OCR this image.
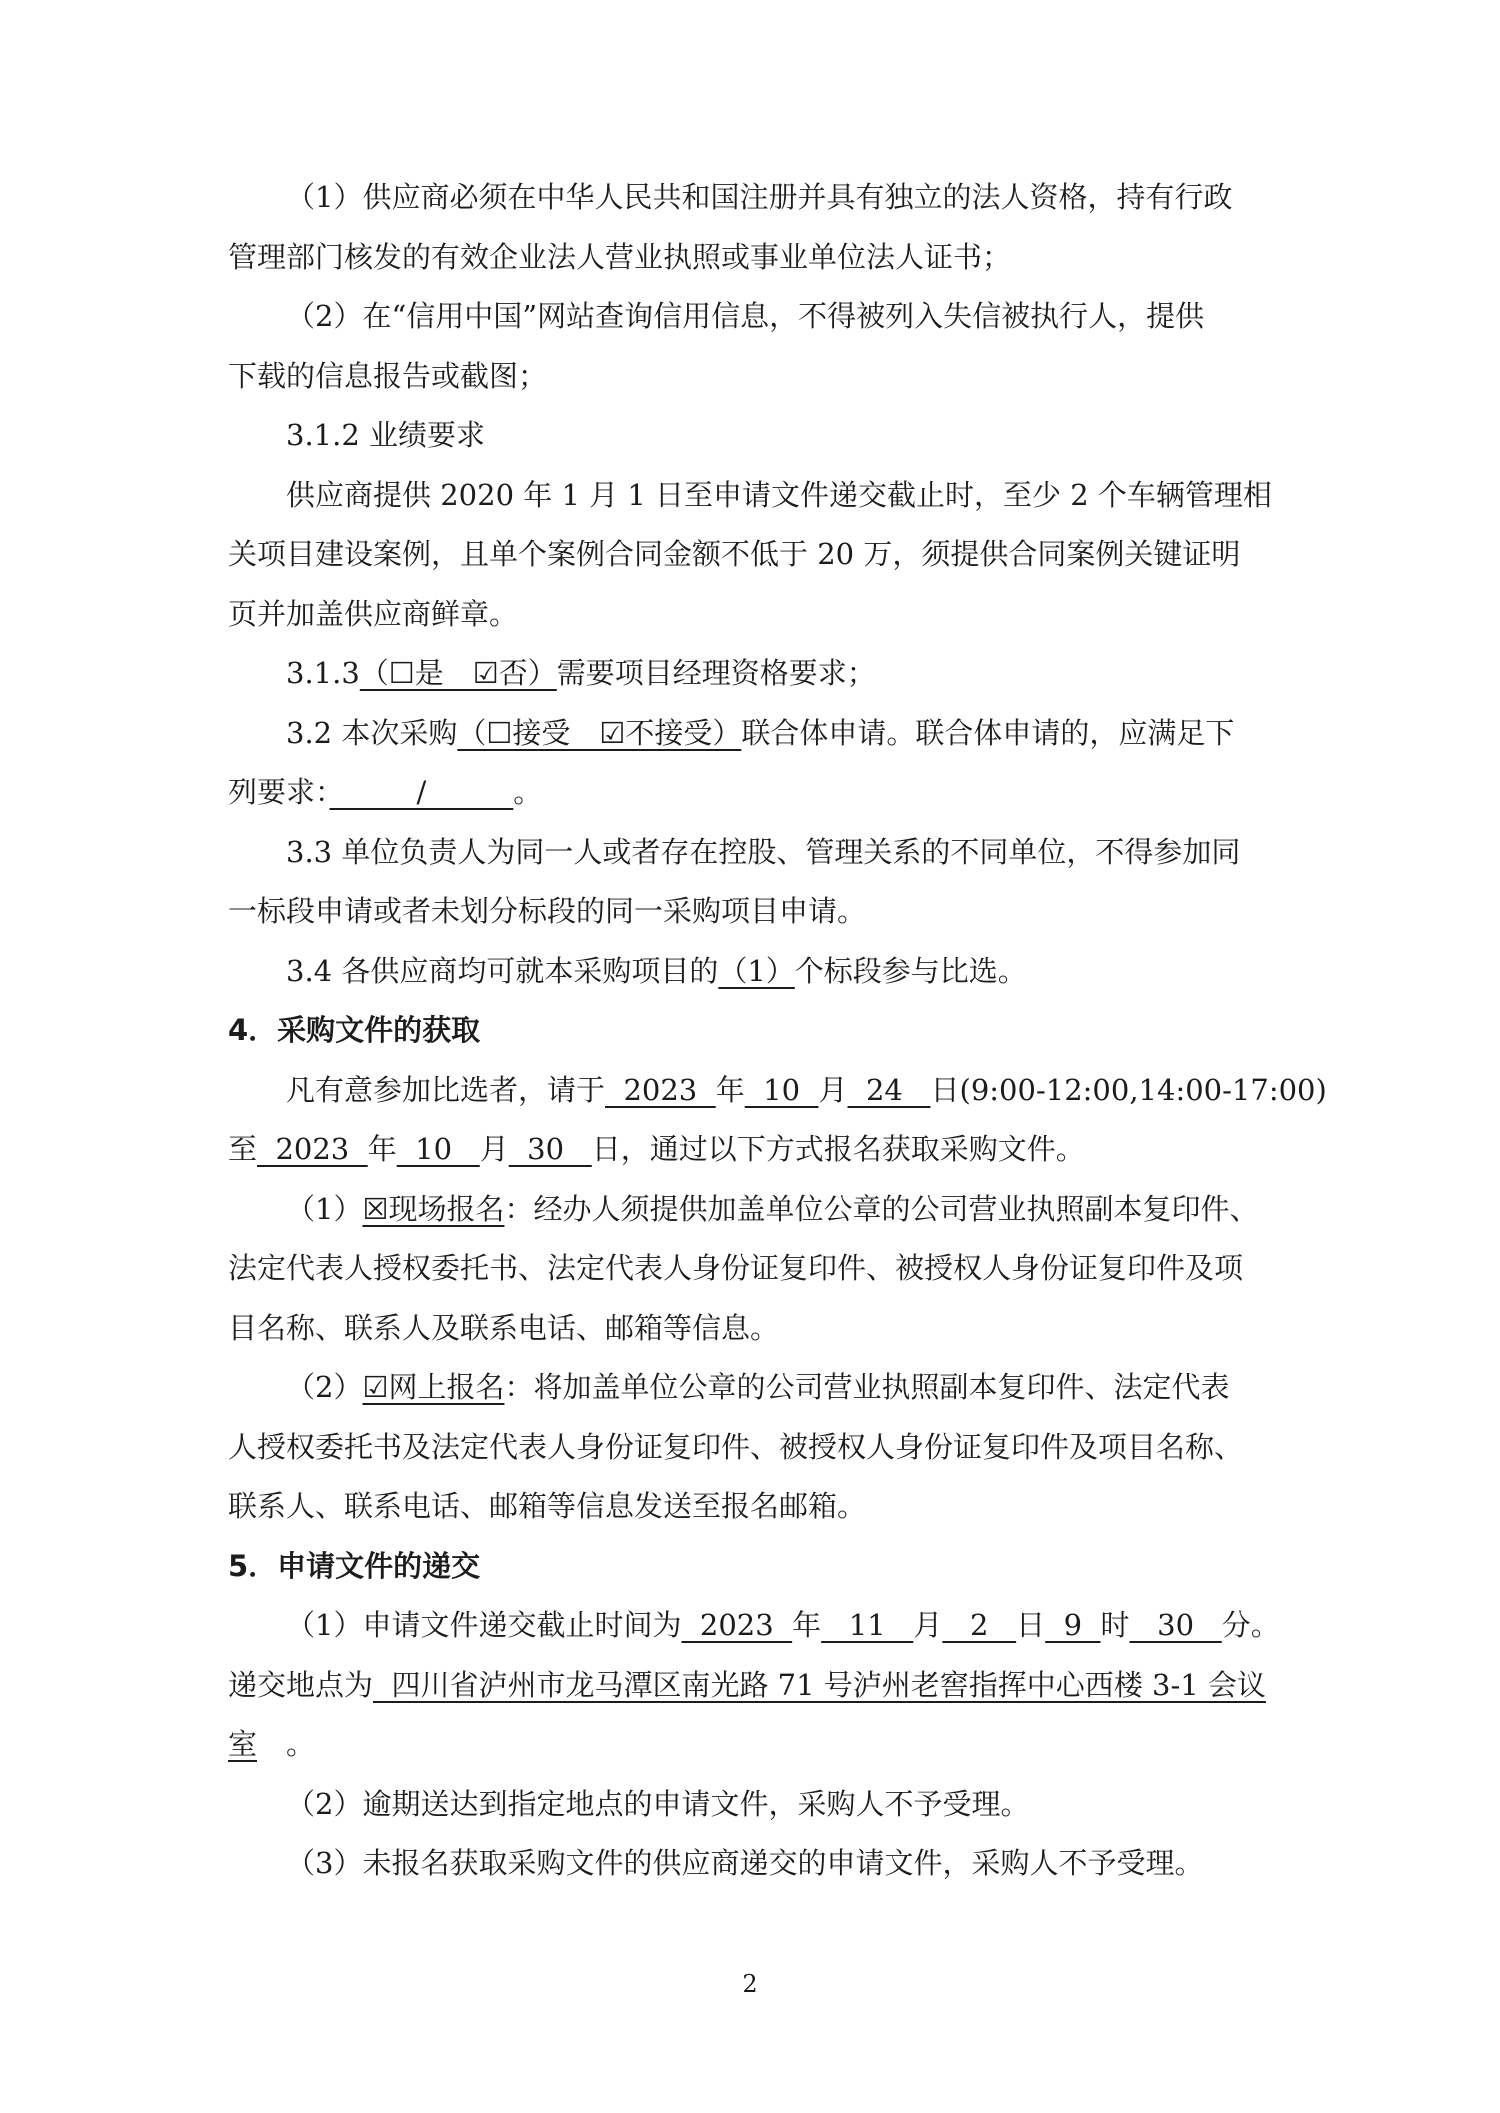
（1）供应商必须在中华人民共和国注册并具有独立的法人资格，持有行政

管理部门核发的有效企业法人营业执照或事业单位法人证书；

（2）在“信用中国”网站查询信用信息，不得被列入失信被执行人，提供

下载的信息报告或截图；

3.1.2 业绩要求

供应商提供 2020 年 1 月 1 日至申请文件递交截止时，至少 2 个车辆管理相

关项目建设案例，且单个案例合同金额不低于 20 万，须提供合同案例关键证明

页并加盖供应商鲜章。

3.1.3（☐是　☑否）需要项目经理资格要求；

3.2 本次采购（☐接受　☑不接受）联合体申请。联合体申请的，应满足下

列要求：　　　/　　　。

3.3 单位负责人为同一人或者存在控股、管理关系的不同单位，不得参加同

一标段申请或者未划分标段的同一采购项目申请。

3.4 各供应商均可就本采购项目的（1）个标段参与比选。

4．采购文件的获取

凡有意参加比选者，请于  2023  年  10  月  24   日(9:00-12:00,14:00-17:00)

至  2023  年  10   月  30   日，通过以下方式报名获取采购文件。

（1）☒现场报名：经办人须提供加盖单位公章的公司营业执照副本复印件、

法定代表人授权委托书、法定代表人身份证复印件、被授权人身份证复印件及项

目名称、联系人及联系电话、邮箱等信息。

（2）☑网上报名：将加盖单位公章的公司营业执照副本复印件、法定代表

人授权委托书及法定代表人身份证复印件、被授权人身份证复印件及项目名称、

联系人、联系电话、邮箱等信息发送至报名邮箱。

5．申请文件的递交

（1）申请文件递交截止时间为  2023  年   11   月   2   日  9  时   30   分。

递交地点为  四川省泸州市龙马潭区南光路 71 号泸州老窖指挥中心西楼 3-1 会议

室　 。

（2）逾期送达到指定地点的申请文件，采购人不予受理。

（3）未报名获取采购文件的供应商递交的申请文件，采购人不予受理。

2
